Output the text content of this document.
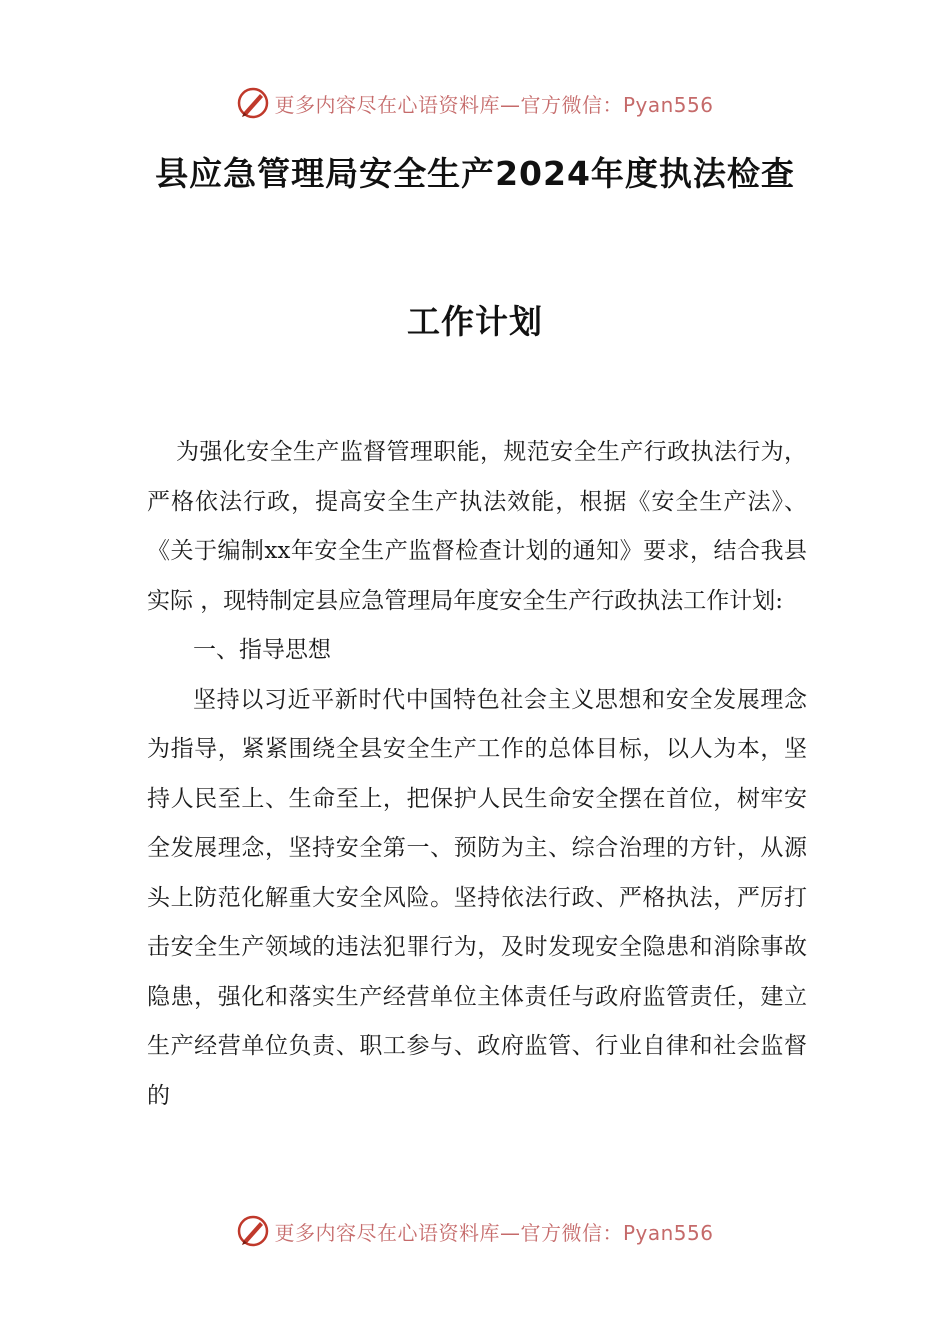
更多内容尽在心语资料库—官方微信：Pyan556
县应急管理局安全生产2024年度执法检查
工作计划

为强化安全生产监督管理职能，规范安全生产行政执法行为，严格依法行政，提高安全生产执法效能，根据《安全生产法》、《关于编制xx年安全生产监督检查计划的通知》要求，结合我县实际 ，现特制定县应急管理局年度安全生产行政执法工作计划:

一、指导思想

坚持以习近平新时代中国特色社会主义思想和安全发展理念为指导，紧紧围绕全县安全生产工作的总体目标，以人为本，坚持人民至上、生命至上，把保护人民生命安全摆在首位，树牢安全发展理念，坚持安全第一、预防为主、综合治理的方针，从源头上防范化解重大安全风险。坚持依法行政、严格执法，严厉打击安全生产领域的违法犯罪行为，及时发现安全隐患和消除事故隐患，强化和落实生产经营单位主体责任与政府监管责任，建立生产经营单位负责、职工参与、政府监管、行业自律和社会监督的

更多内容尽在心语资料库—官方微信：Pyan556
